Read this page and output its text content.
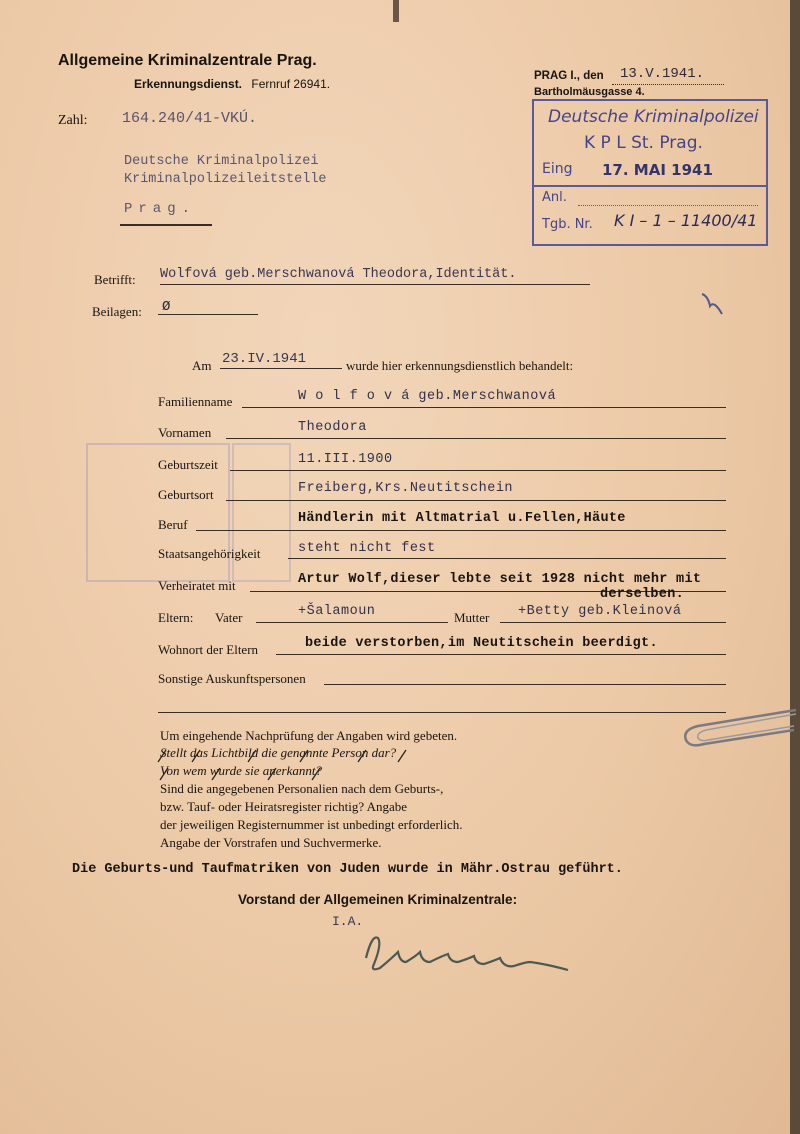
Allgemeine Kriminalzentrale Prag.
Erkennungsdienst. Fernruf 26941.
PRAG I., den 13.V.1941.
Bartholmäusgasse 4.
Zahl: 164.240/41-VKÚ.
Deutsche Kriminalpolizei
Kriminalpolizeileitstelle
Prag.
Deutsche Kriminalpolizei
K P L St. Prag.
Eing 17. MAI 1941
Anl.
Tgb. Nr. K I – 1 – 11400/41
Betrifft: Wolfová geb.Merschwanová Theodora,Identität.
Beilagen: Ø
Am 23.IV.1941	wurde hier erkennungsdienstlich behandelt:
Familienname	W o l f o v á geb.Merschwanová
Vornamen	Theodora
Geburtszeit	11.III.1900
Geburtsort	Freiberg,Krs.Neutitschein
Beruf	Händlerin mit Altmatrial u.Fellen,Häute
Staatsangehörigkeit	steht nicht fest
Verheiratet mit	Artur Wolf,dieser lebte seit 1928 nicht mehr mit
derselben.
Eltern: Vater	+Šalamoun	Mutter +Betty geb.Kleinová
Wohnort der Eltern	beide verstorben,im Neutitschein beerdigt.
Sonstige Auskunftspersonen
Um eingehende Nachprüfung der Angaben wird gebeten.
Stellt das Lichtbild die genannte Person dar?
Von wem wurde sie anerkannt?
Sind die angegebenen Personalien nach dem Geburts-,
bzw. Tauf- oder Heiratsregister richtig? Angabe
der jeweiligen Registernummer ist unbedingt erforderlich.
Angabe der Vorstrafen und Suchvermerke.
Die Geburts-und Taufmatriken von Juden wurde in Mähr.Ostrau geführt.
Vorstand der Allgemeinen Kriminalzentrale:
I.A.
